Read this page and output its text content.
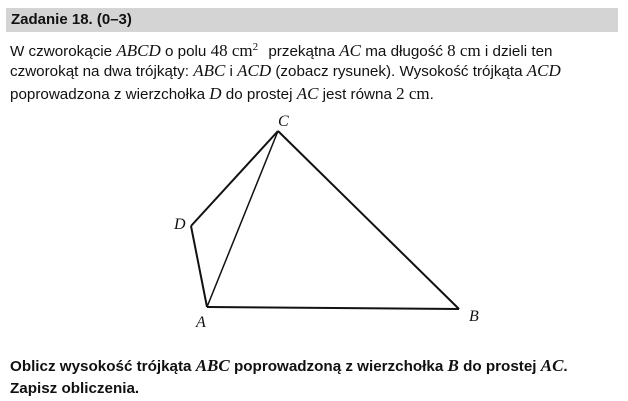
Zadanie 18. (0–3)
W czworokącie ABCD o polu 48 $cm^2$ przekątna AC ma długość 8 cm i dzieli ten
czworokąt na dwa trójkąty: ABC i ACD (zobacz rysunek). Wysokość trójkąta ACD
poprowadzona z wierzchołka D do prostej AC jest równa 2 cm.
C
D
A	B
Oblicz wysokość trójkąta ABC poprowadzoną z wierzchołka B do prostej AC.
Zapisz obliczenia.
